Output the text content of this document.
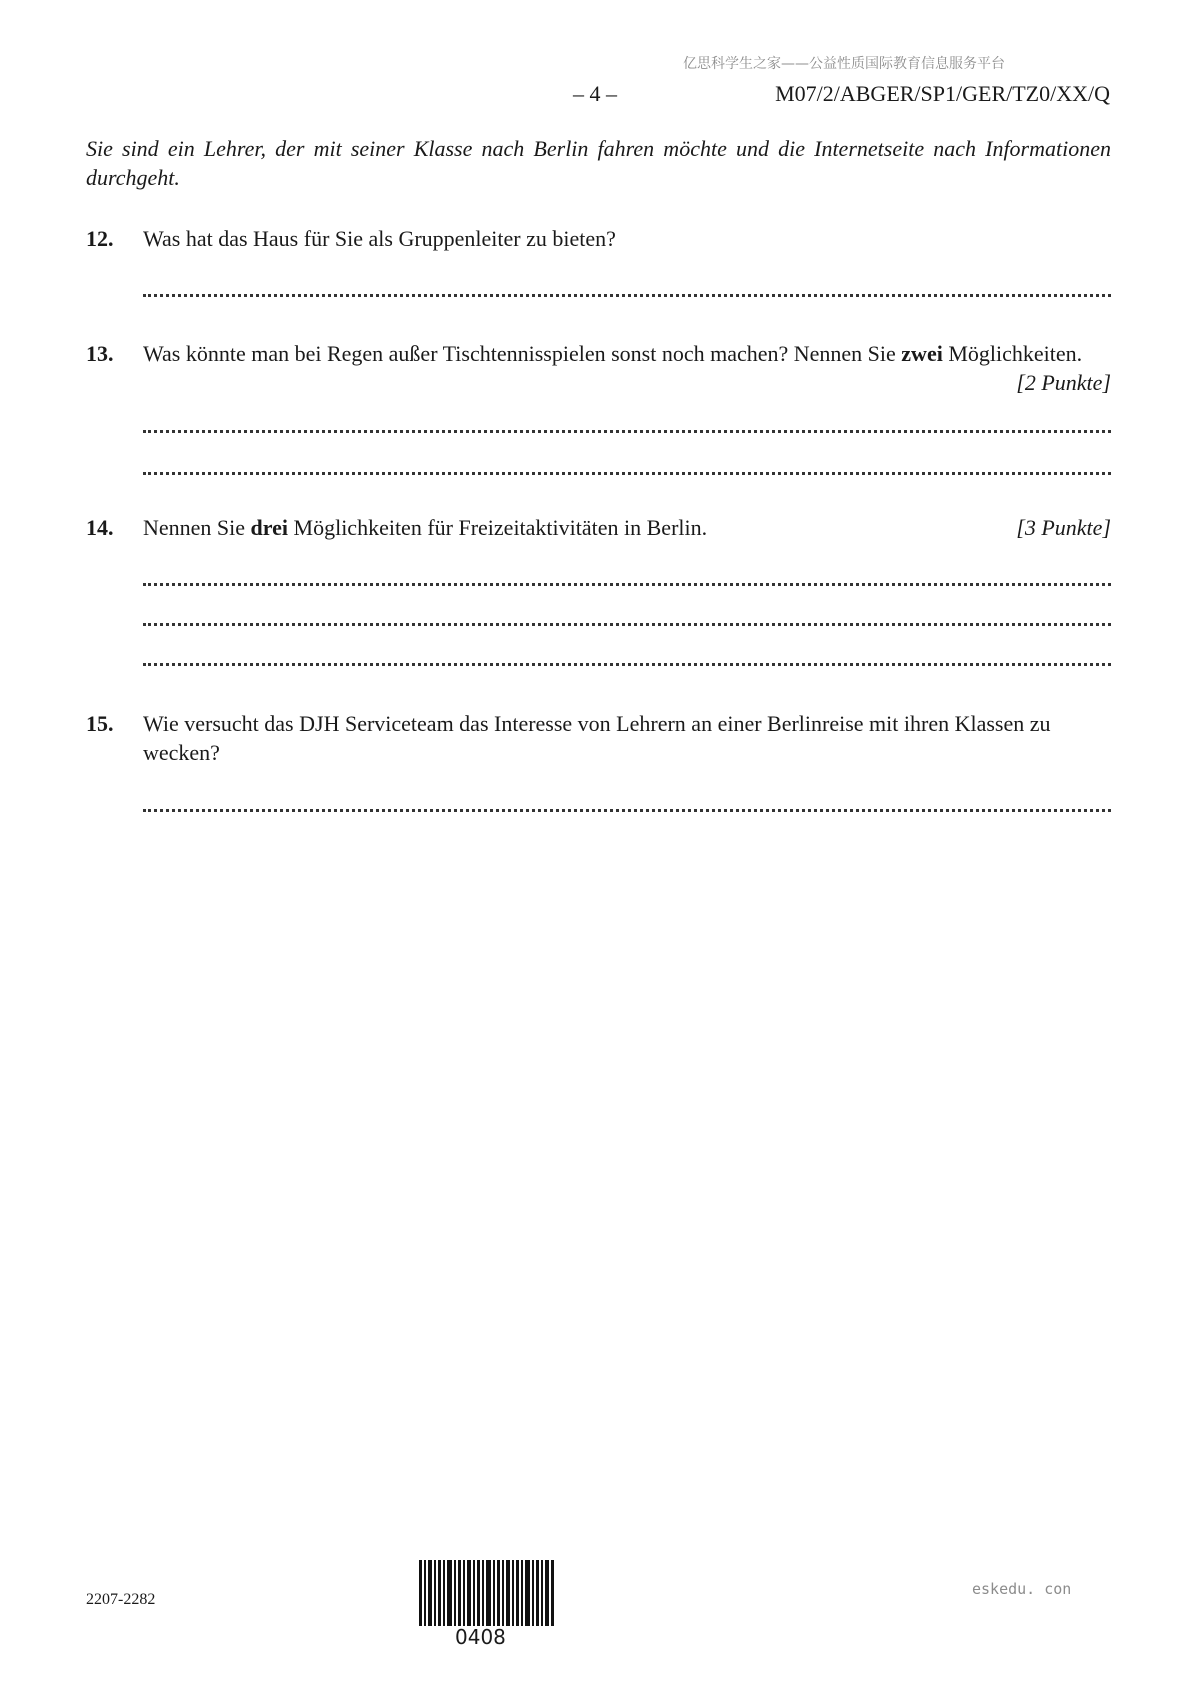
亿思科学生之家——公益性质国际教育信息服务平台
– 4 –	M07/2/ABGER/SP1/GER/TZ0/XX/Q
Sie sind ein Lehrer, der mit seiner Klasse nach Berlin fahren möchte und die Internetseite nach Informationen durchgeht.
12. Was hat das Haus für Sie als Gruppenleiter zu bieten?
13. Was könnte man bei Regen außer Tischtennisspielen sonst noch machen? Nennen Sie zwei Möglichkeiten.
[2 Punkte]
14. Nennen Sie drei Möglichkeiten für Freizeitaktivitäten in Berlin.	[3 Punkte]
15. Wie versucht das DJH Serviceteam das Interesse von Lehrern an einer Berlinreise mit ihren Klassen zu wecken?
2207-2282
0408
eskedu. con
